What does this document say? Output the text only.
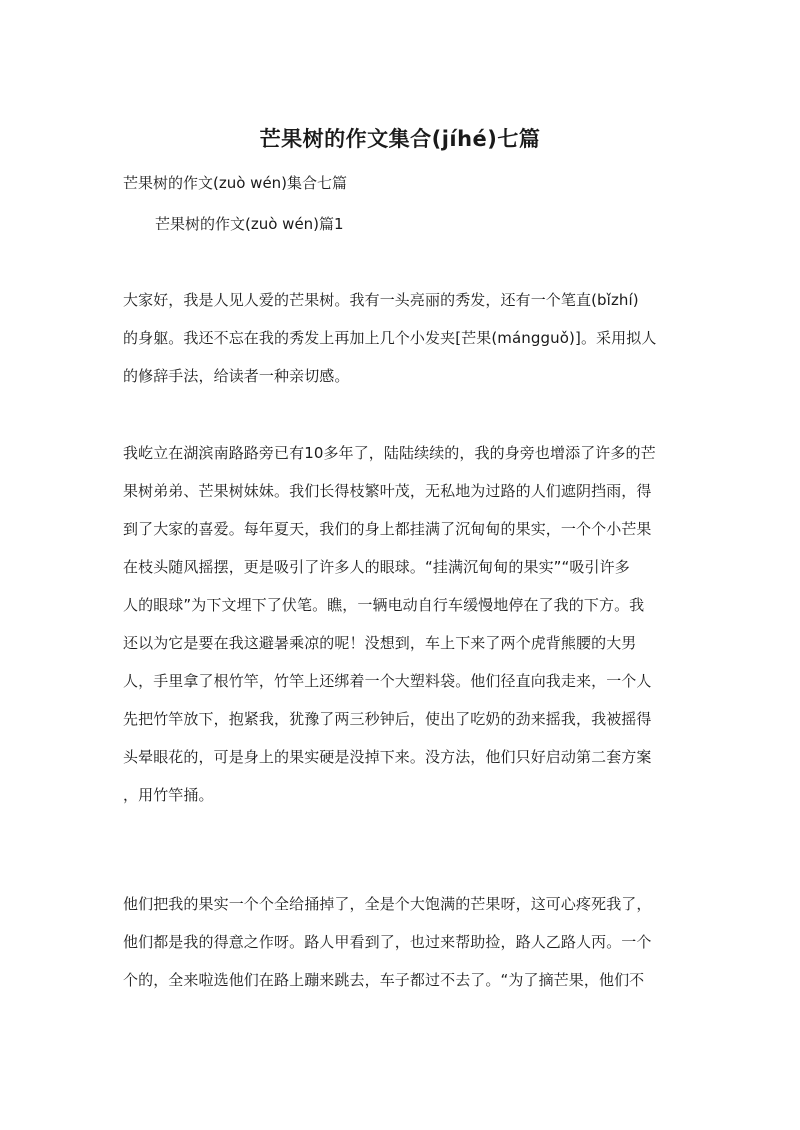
芒果树的作文集合(jíhé)七篇
芒果树的作文(zuò wén)集合七篇
芒果树的作文(zuò wén)篇1
大家好，我是人见人爱的芒果树。我有一头亮丽的秀发，还有一个笔直(bǐzhí)
的身躯。我还不忘在我的秀发上再加上几个小发夹[芒果(mángguǒ)]。采用拟人
的修辞手法，给读者一种亲切感。
我屹立在湖滨南路路旁已有10多年了，陆陆续续的，我的身旁也增添了许多的芒
果树弟弟、芒果树妹妹。我们长得枝繁叶茂，无私地为过路的人们遮阴挡雨，得
到了大家的喜爱。每年夏天，我们的身上都挂满了沉甸甸的果实，一个个小芒果
在枝头随风摇摆，更是吸引了许多人的眼球。“挂满沉甸甸的果实”“吸引许多
人的眼球”为下文埋下了伏笔。瞧，一辆电动自行车缓慢地停在了我的下方。我
还以为它是要在我这避暑乘凉的呢！没想到，车上下来了两个虎背熊腰的大男
人，手里拿了根竹竿，竹竿上还绑着一个大塑料袋。他们径直向我走来，一个人
先把竹竿放下，抱紧我，犹豫了两三秒钟后，使出了吃奶的劲来摇我，我被摇得
头晕眼花的，可是身上的果实硬是没掉下来。没方法，他们只好启动第二套方案
，用竹竿捅。
他们把我的果实一个个全给捅掉了，全是个大饱满的芒果呀，这可心疼死我了，
他们都是我的得意之作呀。路人甲看到了，也过来帮助捡，路人乙路人丙。一个
个的，全来啦选他们在路上蹦来跳去，车子都过不去了。“为了摘芒果，他们不
